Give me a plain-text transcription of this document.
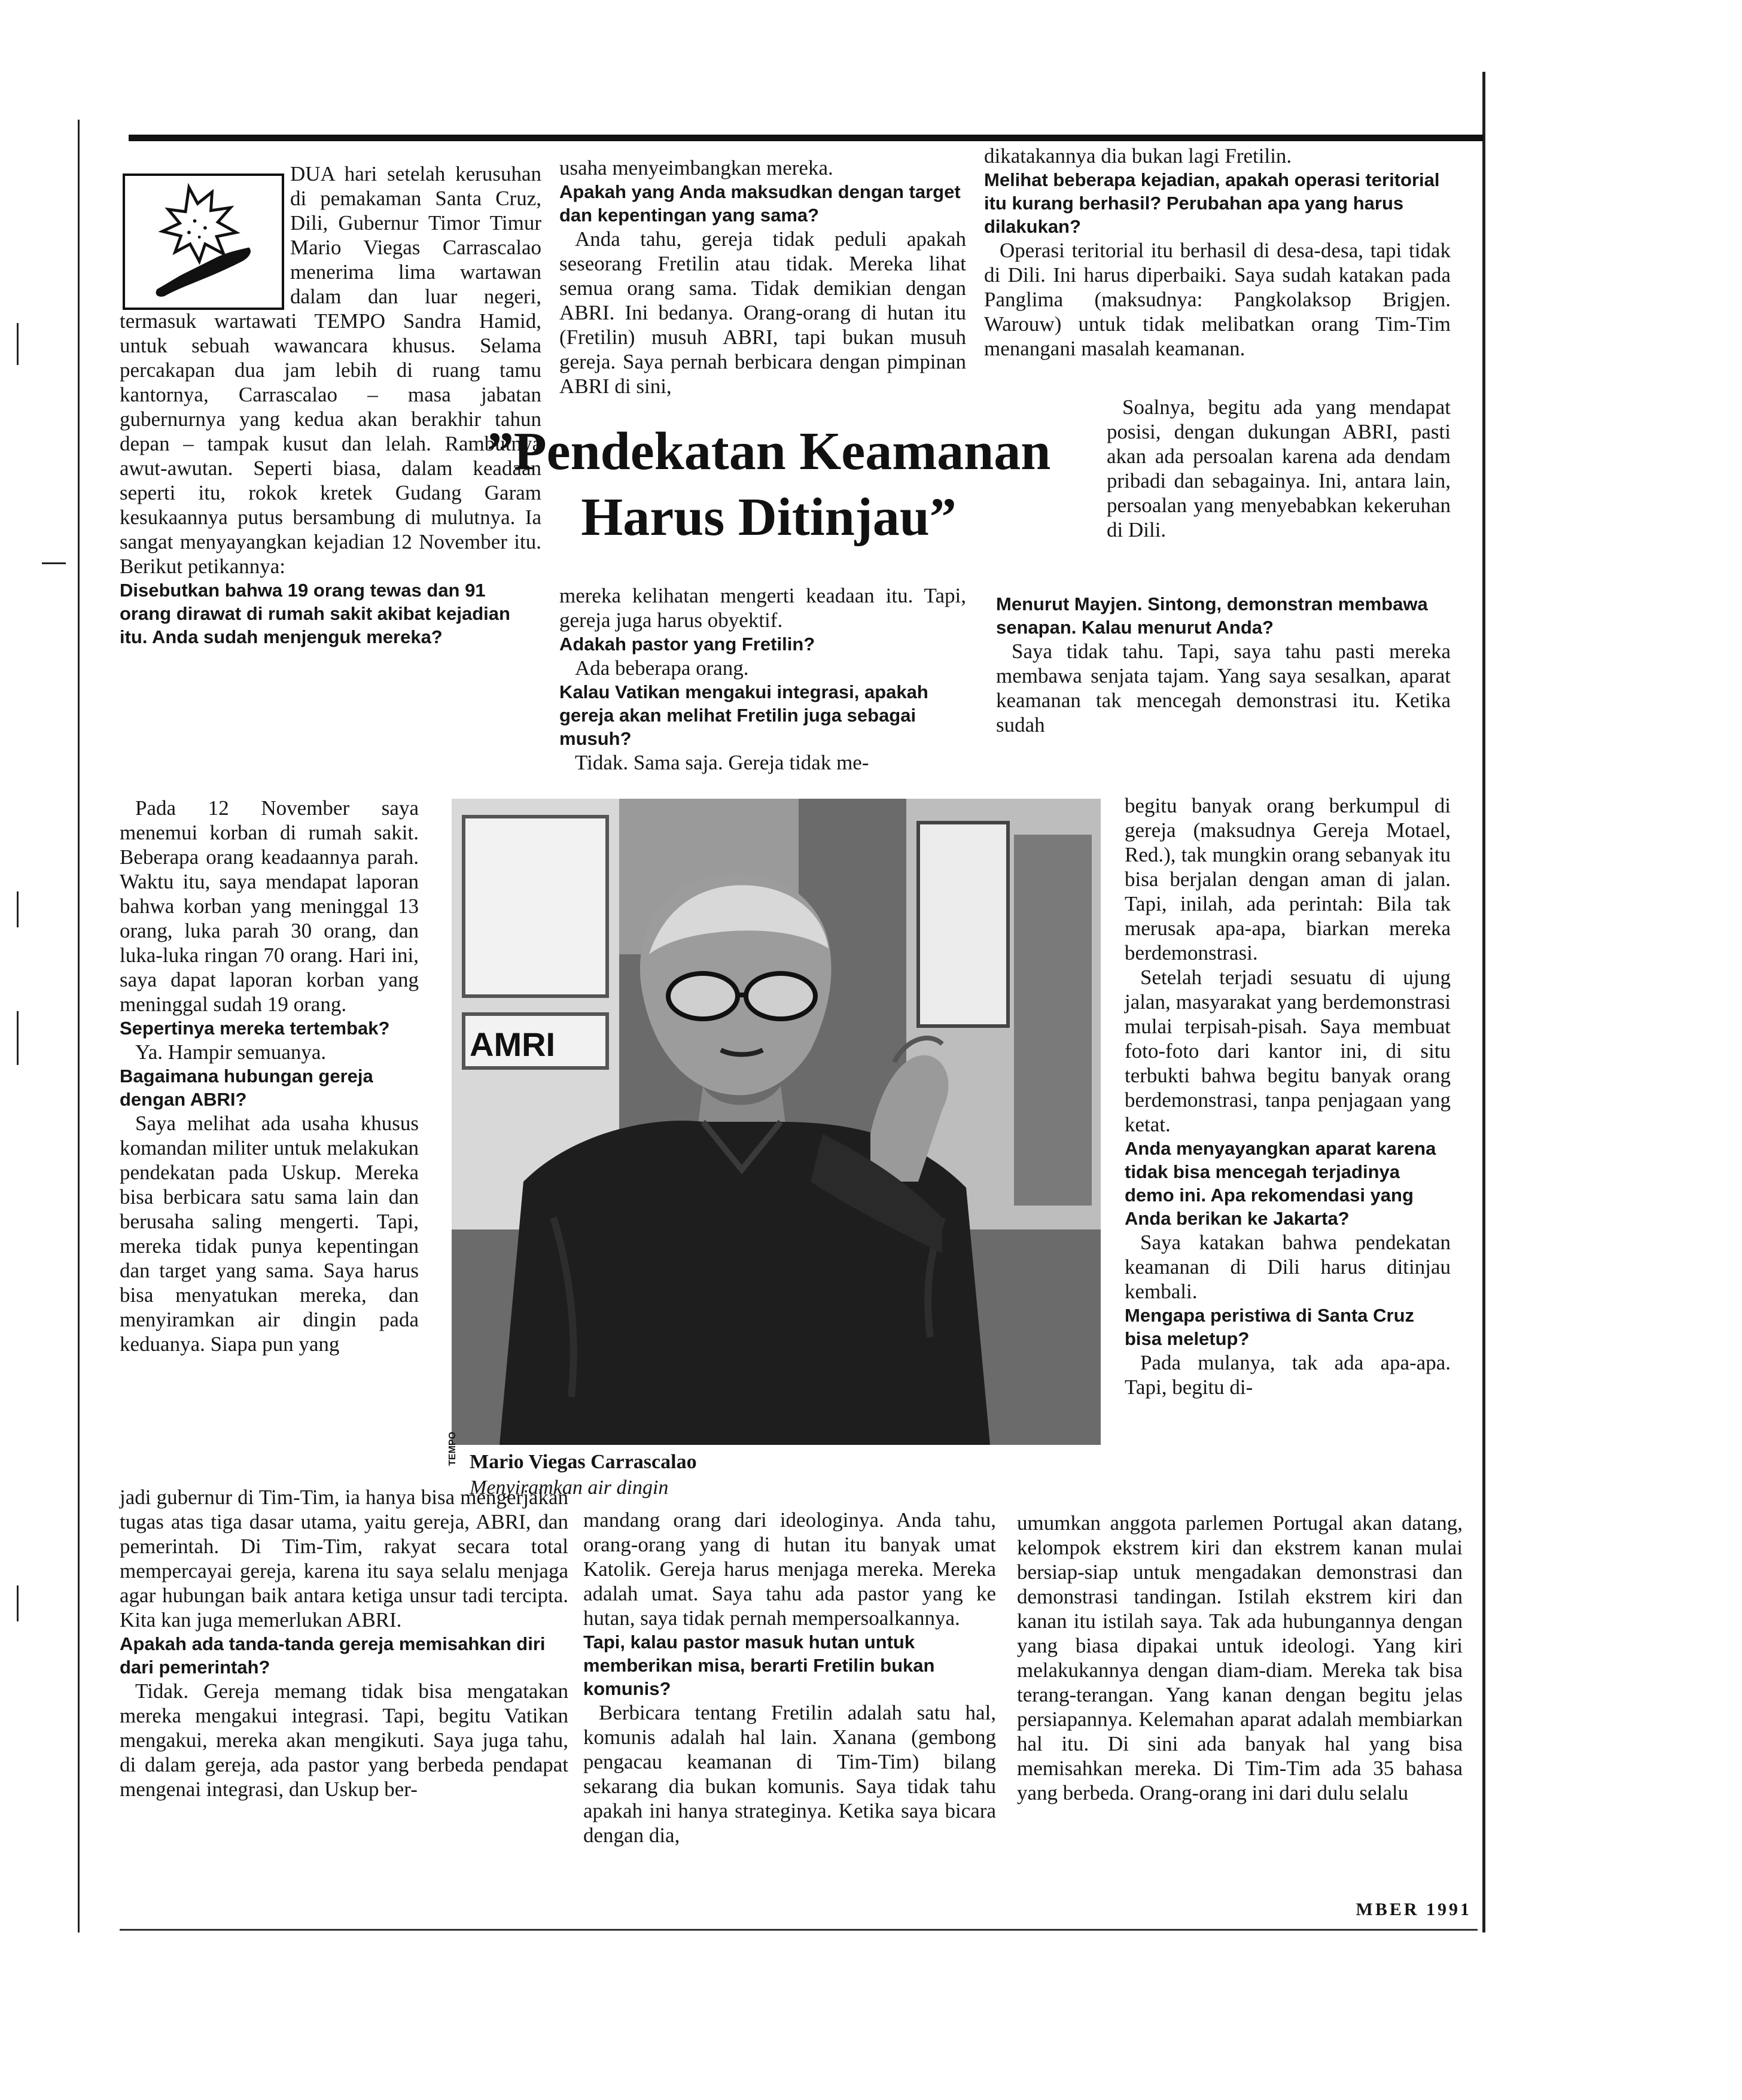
DUA hari setelah kerusuhan di pemakaman Santa Cruz, Dili, Gubernur Timor Timur Mario Viegas Carrascalao menerima lima wartawan dalam dan luar negeri, termasuk wartawati TEMPO Sandra Hamid, untuk sebuah wawancara khusus. Selama percakapan dua jam lebih di ruang tamu kantornya, Carrascalao – masa jabatan gubernurnya yang kedua akan berakhir tahun depan – tampak kusut dan lelah. Rambutnya awut-awutan. Seperti biasa, dalam keadaan seperti itu, rokok kretek Gudang Garam kesukaannya putus bersambung di mulutnya. Ia sangat menyayangkan kejadian 12 November itu. Berikut petikannya:

Disebutkan bahwa 19 orang tewas dan 91 orang dirawat di rumah sakit akibat kejadian itu. Anda sudah menjenguk mereka?

Pada 12 November saya menemui korban di rumah sakit. Beberapa orang keadaannya parah. Waktu itu, saya mendapat laporan bahwa korban yang meninggal 13 orang, luka parah 30 orang, dan luka-luka ringan 70 orang. Hari ini, saya dapat laporan korban yang meninggal sudah 19 orang.

Sepertinya mereka tertembak?

Ya. Hampir semuanya.

Bagaimana hubungan gereja dengan ABRI?

Saya melihat ada usaha khusus komandan militer untuk melakukan pendekatan pada Uskup. Mereka bisa berbicara satu sama lain dan berusaha saling mengerti. Tapi, mereka tidak punya kepentingan dan target yang sama. Saya harus bisa menyatukan mereka, dan menyiramkan air dingin pada keduanya. Siapa pun yang

jadi gubernur di Tim-Tim, ia hanya bisa mengerjakan tugas atas tiga dasar utama, yaitu gereja, ABRI, dan pemerintah. Di Tim-Tim, rakyat secara total mempercayai gereja, karena itu saya selalu menjaga agar hubungan baik antara ketiga unsur tadi tercipta. Kita kan juga memerlukan ABRI.

Apakah ada tanda-tanda gereja memisahkan diri dari pemerintah?

Tidak. Gereja memang tidak bisa mengatakan mereka mengakui integrasi. Tapi, begitu Vatikan mengakui, mereka akan mengikuti. Saya juga tahu, di dalam gereja, ada pastor yang berbeda pendapat mengenai integrasi, dan Uskup ber-

usaha menyeimbangkan mereka.

Apakah yang Anda maksudkan dengan target dan kepentingan yang sama?

Anda tahu, gereja tidak peduli apakah seseorang Fretilin atau tidak. Mereka lihat semua orang sama. Tidak demikian dengan ABRI. Ini bedanya. Orang-orang di hutan itu (Fretilin) musuh ABRI, tapi bukan musuh gereja. Saya pernah berbicara dengan pimpinan ABRI di sini,

mereka kelihatan mengerti keadaan itu. Tapi, gereja juga harus obyektif.

Adakah pastor yang Fretilin?

Ada beberapa orang.

Kalau Vatikan mengakui integrasi, apakah gereja akan melihat Fretilin juga sebagai musuh?

Tidak. Sama saja. Gereja tidak me-

mandang orang dari ideologinya. Anda tahu, orang-orang yang di hutan itu banyak umat Katolik. Gereja harus menjaga mereka. Mereka adalah umat. Saya tahu ada pastor yang ke hutan, saya tidak pernah mempersoalkannya.

Tapi, kalau pastor masuk hutan untuk memberikan misa, berarti Fretilin bukan komunis?

Berbicara tentang Fretilin adalah satu hal, komunis adalah hal lain. Xanana (gembong pengacau keamanan di Tim-Tim) bilang sekarang dia bukan komunis. Saya tidak tahu apakah ini hanya strateginya. Ketika saya bicara dengan dia,

dikatakannya dia bukan lagi Fretilin.

Melihat beberapa kejadian, apakah operasi teritorial itu kurang berhasil? Perubahan apa yang harus dilakukan?

Operasi teritorial itu berhasil di desa-desa, tapi tidak di Dili. Ini harus diperbaiki. Saya sudah katakan pada Panglima (maksudnya: Pangkolaksop Brigjen. Warouw) untuk tidak melibatkan orang Tim-Tim menangani masalah keamanan.

Soalnya, begitu ada yang mendapat posisi, dengan dukungan ABRI, pasti akan ada persoalan karena ada dendam pribadi dan sebagainya. Ini, antara lain, persoalan yang menyebabkan kekeruhan di Dili.

Menurut Mayjen. Sintong, demonstran membawa senapan. Kalau menurut Anda?

Saya tidak tahu. Tapi, saya tahu pasti mereka membawa senjata tajam. Yang saya sesalkan, aparat keamanan tak mencegah demonstrasi itu. Ketika sudah

begitu banyak orang berkumpul di gereja (maksudnya Gereja Motael, Red.), tak mungkin orang sebanyak itu bisa berjalan dengan aman di jalan. Tapi, inilah, ada perintah: Bila tak merusak apa-apa, biarkan mereka berdemonstrasi.

Setelah terjadi sesuatu di ujung jalan, masyarakat yang berdemonstrasi mulai terpisah-pisah. Saya membuat foto-foto dari kantor ini, di situ terbukti bahwa begitu banyak orang berdemonstrasi, tanpa penjagaan yang ketat.

Anda menyayangkan aparat karena tidak bisa mencegah terjadinya demo ini. Apa rekomendasi yang Anda berikan ke Jakarta?

Saya katakan bahwa pendekatan keamanan di Dili harus ditinjau kembali.

Mengapa peristiwa di Santa Cruz bisa meletup?

Pada mulanya, tak ada apa-apa. Tapi, begitu di-

umumkan anggota parlemen Portugal akan datang, kelompok ekstrem kiri dan ekstrem kanan mulai bersiap-siap untuk mengadakan demonstrasi dan demonstrasi tandingan. Istilah ekstrem kiri dan kanan itu istilah saya. Tak ada hubungannya dengan yang biasa dipakai untuk ideologi. Yang kiri melakukannya dengan diam-diam. Mereka tak bisa terang-terangan. Yang kanan dengan begitu jelas persiapannya. Kelemahan aparat adalah membiarkan hal itu. Di sini ada banyak hal yang bisa memisahkan mereka. Di Tim-Tim ada 35 bahasa yang berbeda. Orang-orang ini dari dulu selalu

”Pendekatan Keamanan
Harus Ditinjau”
AMRI
TEMPO Mario Viegas Carrascalao
Menyiramkan air dingin
MBER 1991
